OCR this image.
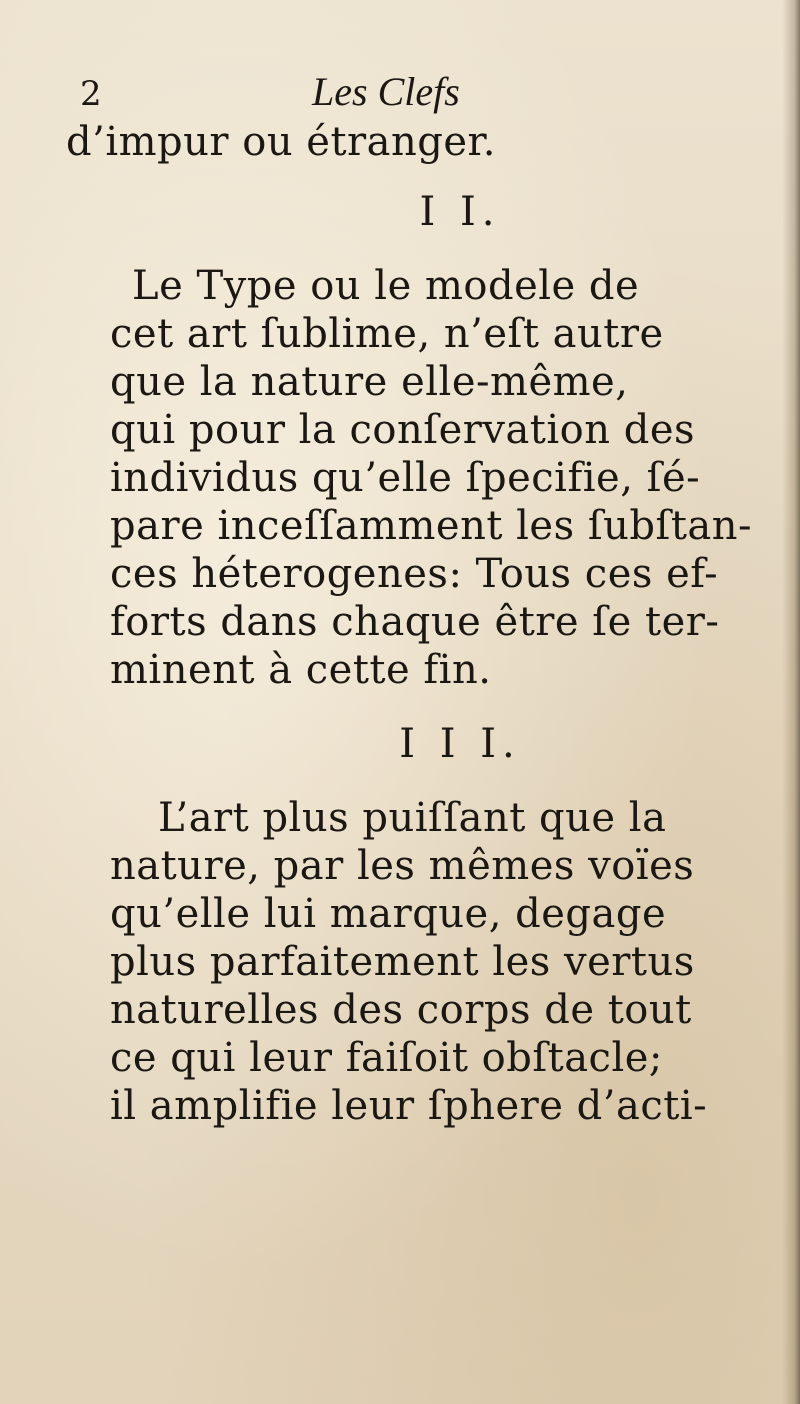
2	Les Clefs
d’impur ou étranger.
I I.
Le Type ou le modele de
cet art ſublime, n’eſt autre
que la nature elle-même,
qui pour la conſervation des
individus qu’elle ſpecifie, ſé-
pare inceſſamment les ſubſtan-
ces héterogenes: Tous ces ef-
forts dans chaque être ſe ter-
minent à cette fin.
I I I.
L’art plus puiſſant que la
nature, par les mêmes voïes
qu’elle lui marque, degage
plus parfaitement les vertus
naturelles des corps de tout
ce qui leur faiſoit obſtacle;
il amplifie leur ſphere d’acti-
